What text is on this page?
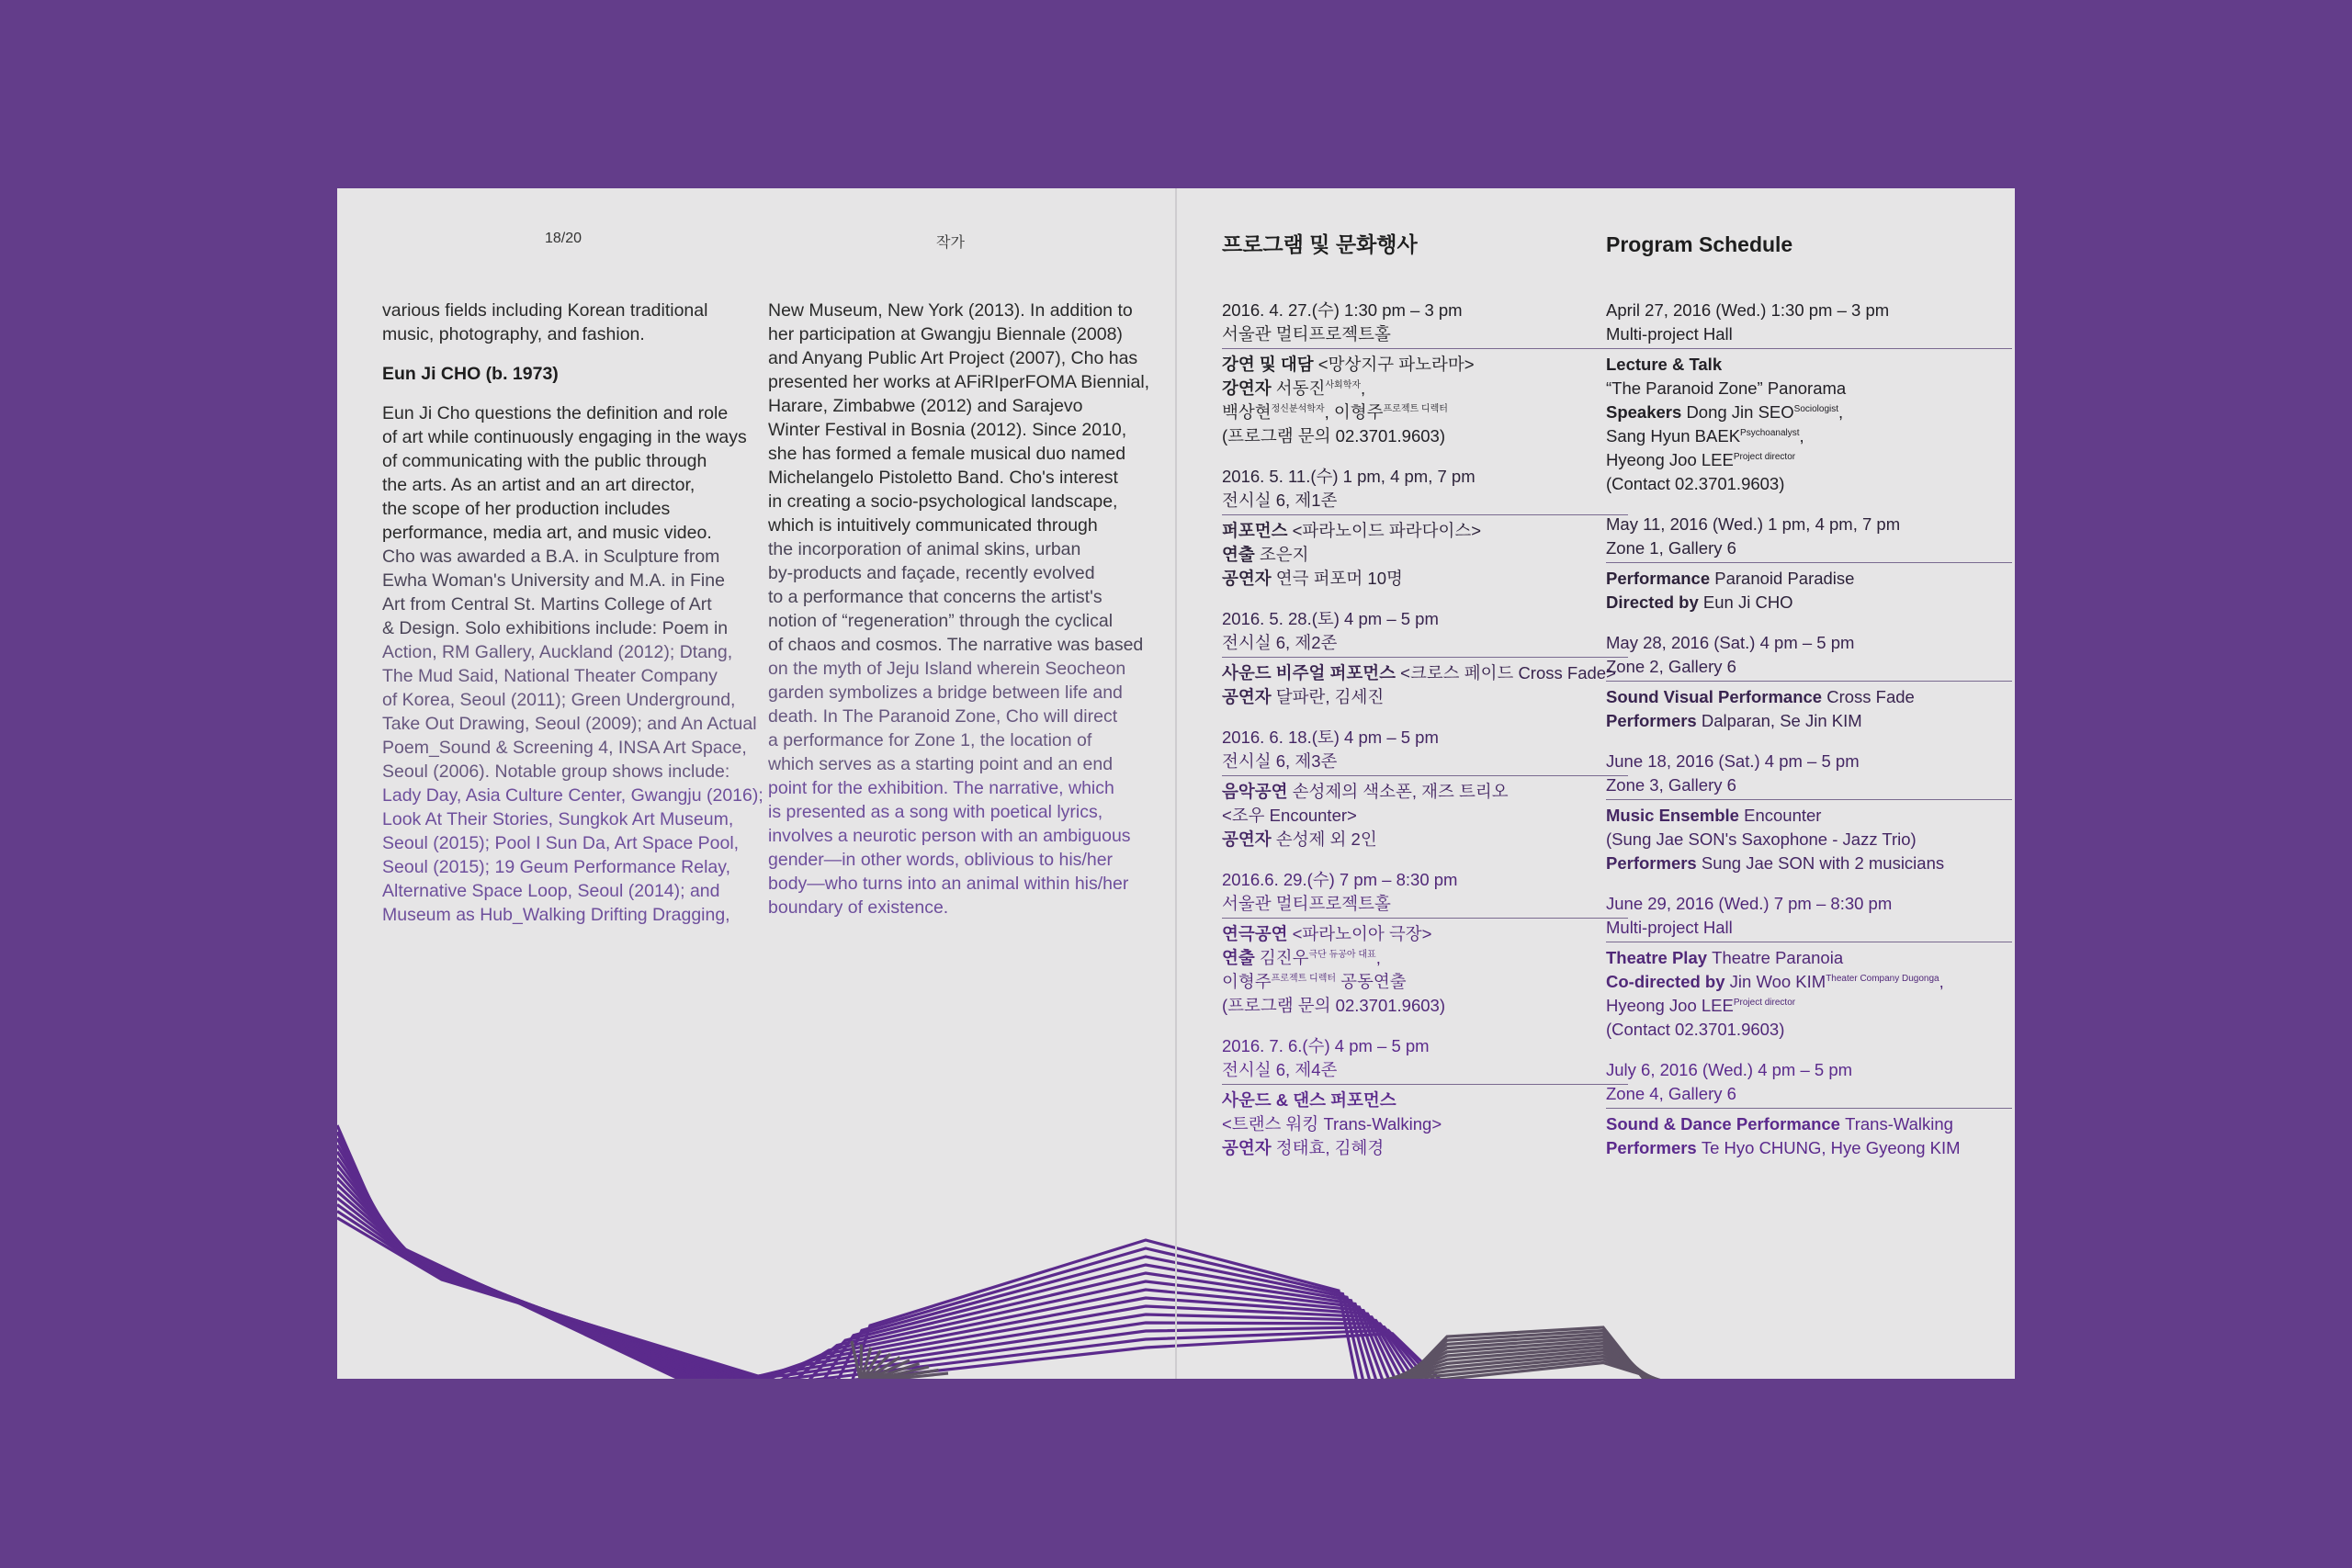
18/20	작가

various fields including Korean traditional
music, photography, and fashion.

Eun Ji CHO (b. 1973)

Eun Ji Cho questions the definition and role
of art while continuously engaging in the ways
of communicating with the public through
the arts. As an artist and an art director,
the scope of her production includes
performance, media art, and music video.
Cho was awarded a B.A. in Sculpture from
Ewha Woman's University and M.A. in Fine
Art from Central St. Martins College of Art
& Design. Solo exhibitions include: Poem in
Action, RM Gallery, Auckland (2012); Dtang,
The Mud Said, National Theater Company
of Korea, Seoul (2011); Green Underground,
Take Out Drawing, Seoul (2009); and An Actual
Poem_Sound & Screening 4, INSA Art Space,
Seoul (2006). Notable group shows include:
Lady Day, Asia Culture Center, Gwangju (2016);
Look At Their Stories, Sungkok Art Museum,
Seoul (2015); Pool I Sun Da, Art Space Pool,
Seoul (2015); 19 Geum Performance Relay,
Alternative Space Loop, Seoul (2014); and
Museum as Hub_Walking Drifting Dragging,

New Museum, New York (2013). In addition to
her participation at Gwangju Biennale (2008)
and Anyang Public Art Project (2007), Cho has
presented her works at AFiRIperFOMA Biennial,
Harare, Zimbabwe (2012) and Sarajevo
Winter Festival in Bosnia (2012). Since 2010,
she has formed a female musical duo named
Michelangelo Pistoletto Band. Cho's interest
in creating a socio-psychological landscape,
which is intuitively communicated through
the incorporation of animal skins, urban
by-products and façade, recently evolved
to a performance that concerns the artist's
notion of “regeneration” through the cyclical
of chaos and cosmos. The narrative was based
on the myth of Jeju Island wherein Seocheon
garden symbolizes a bridge between life and
death. In The Paranoid Zone, Cho will direct
a performance for Zone 1, the location of
which serves as a starting point and an end
point for the exhibition. The narrative, which
is presented as a song with poetical lyrics,
involves a neurotic person with an ambiguous
gender—in other words, oblivious to his/her
body—who turns into an animal within his/her
boundary of existence.

프로그램 및 문화행사
2016. 4. 27.(수) 1:30 pm – 3 pm
서울관 멀티프로젝트홀
강연 및 대담 <망상지구 파노라마>
강연자 서동진$^{사회학자}$,
백상현$^{정신분석학자}$, 이형주$^{프로젝트 디렉터}$
(프로그램 문의 02.3701.9603)
2016. 5. 11.(수) 1 pm, 4 pm, 7 pm
전시실 6, 제1존
퍼포먼스 <파라노이드 파라다이스>
연출 조은지
공연자 연극 퍼포머 10명
2016. 5. 28.(토) 4 pm – 5 pm
전시실 6, 제2존
사운드 비주얼 퍼포먼스 <크로스 페이드 Cross Fade>
공연자 달파란, 김세진
2016. 6. 18.(토) 4 pm – 5 pm
전시실 6, 제3존
음악공연 손성제의 색소폰, 재즈 트리오
<조우 Encounter>
공연자 손성제 외 2인
2016.6. 29.(수) 7 pm – 8:30 pm
서울관 멀티프로젝트홀
연극공연 <파라노이아 극장>
연출 김진우$^{극단 듀공아 대표}$,
이형주$^{프로젝트 디렉터}$ 공동연출
(프로그램 문의 02.3701.9603)
2016. 7. 6.(수) 4 pm – 5 pm
전시실 6, 제4존
사운드 & 댄스 퍼포먼스
<트랜스 워킹 Trans-Walking>
공연자 정태효, 김혜경
Program Schedule
April 27, 2016 (Wed.) 1:30 pm – 3 pm
Multi-project Hall
Lecture & Talk
“The Paranoid Zone” Panorama
Speakers Dong Jin $SEO^{Sociologist}$,
Sang Hyun $BAEK^{Psychoanalyst}$,
Hyeong Joo $LEE^{Project director}$
(Contact 02.3701.9603)
May 11, 2016 (Wed.) 1 pm, 4 pm, 7 pm
Zone 1, Gallery 6
Performance Paranoid Paradise
Directed by Eun Ji CHO
May 28, 2016 (Sat.) 4 pm – 5 pm
Zone 2, Gallery 6
Sound Visual Performance Cross Fade
Performers Dalparan, Se Jin KIM
June 18, 2016 (Sat.) 4 pm – 5 pm
Zone 3, Gallery 6
Music Ensemble Encounter
(Sung Jae SON's Saxophone - Jazz Trio)
Performers Sung Jae SON with 2 musicians
June 29, 2016 (Wed.) 7 pm – 8:30 pm
Multi-project Hall
Theatre Play Theatre Paranoia
Co-directed by Jin Woo $KIM^{Theater Company Dugonga}$,
Hyeong Joo $LEE^{Project director}$
(Contact 02.3701.9603)
July 6, 2016 (Wed.) 4 pm – 5 pm
Zone 4, Gallery 6
Sound & Dance Performance Trans-Walking
Performers Te Hyo CHUNG, Hye Gyeong KIM
